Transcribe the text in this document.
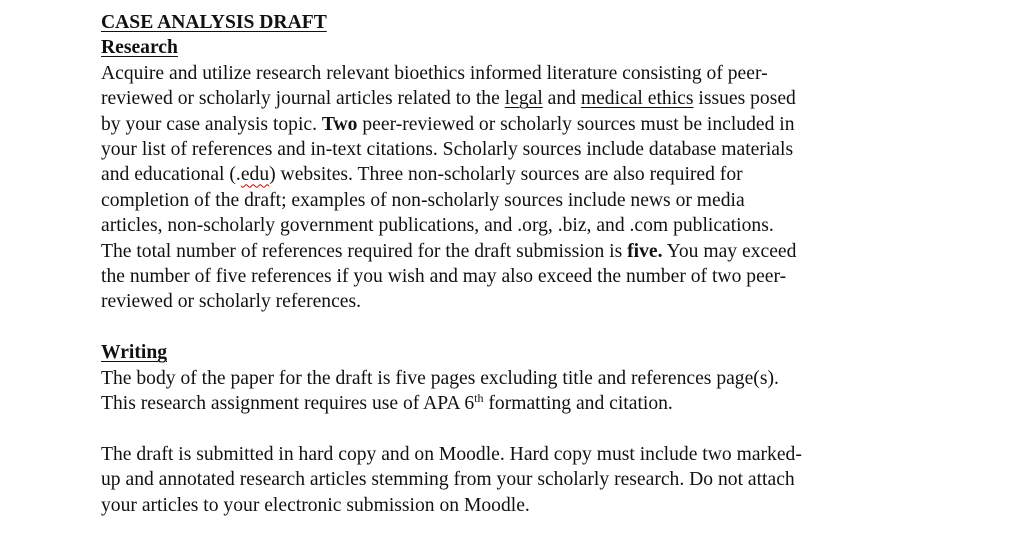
CASE ANALYSIS DRAFT
Research
Acquire and utilize research relevant bioethics informed literature consisting of peer-
reviewed or scholarly journal articles related to the legal and medical ethics issues posed
by your case analysis topic. Two peer-reviewed or scholarly sources must be included in
your list of references and in-text citations. Scholarly sources include database materials
and educational (.edu) websites. Three non-scholarly sources are also required for
completion of the draft; examples of non-scholarly sources include news or media
articles, non-scholarly government publications, and .org, .biz, and .com publications.
The total number of references required for the draft submission is five. You may exceed
the number of five references if you wish and may also exceed the number of two peer-
reviewed or scholarly references.
Writing
The body of the paper for the draft is five pages excluding title and references page(s).
This research assignment requires use of APA 6th formatting and citation.
The draft is submitted in hard copy and on Moodle. Hard copy must include two marked-
up and annotated research articles stemming from your scholarly research. Do not attach
your articles to your electronic submission on Moodle.
